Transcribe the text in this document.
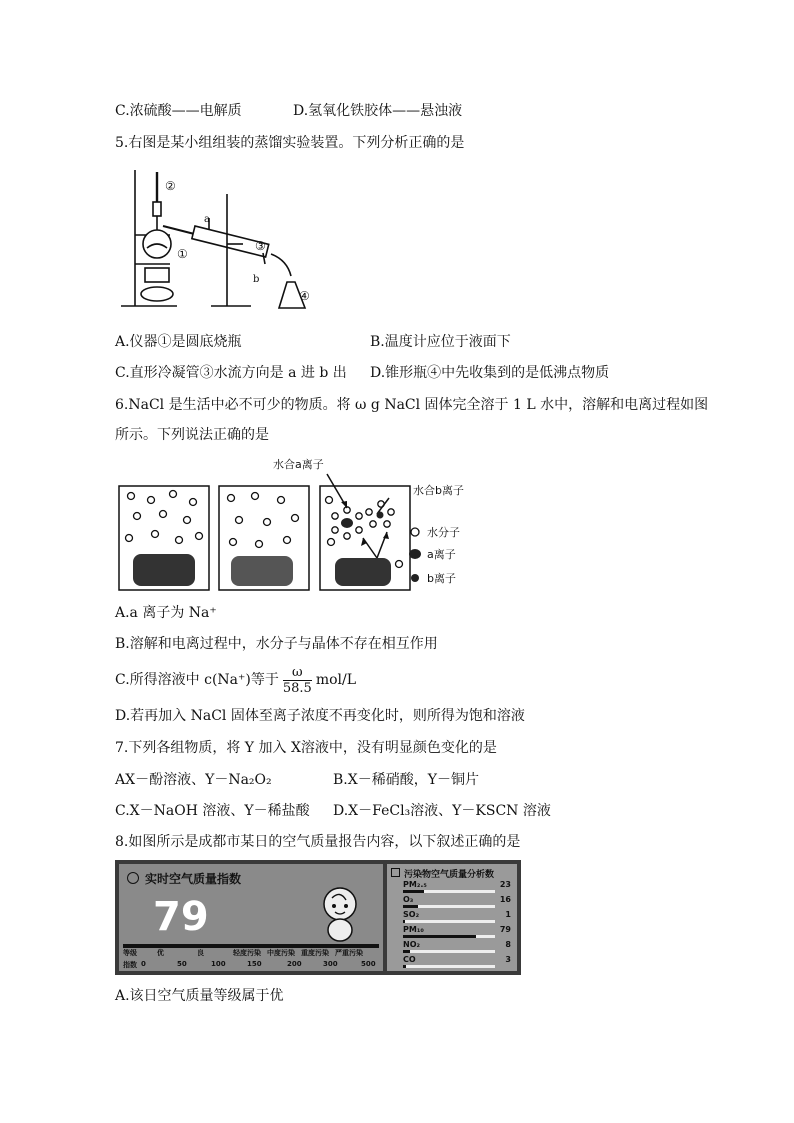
C.浓硫酸——电解质	D.氢氧化铁胶体——悬浊液
5.右图是某小组组装的蒸馏实验装置。下列分析正确的是
②
①
a
③
b
④
A.仪器①是圆底烧瓶	B.温度计应位于液面下
C.直形冷凝管③水流方向是 a 进 b 出 D.锥形瓶④中先收集到的是低沸点物质
6.NaCl 是生活中必不可少的物质。将 ω g NaCl 固体完全溶于 1 L 水中，溶解和电离过程如图
所示。下列说法正确的是
水合a离子
水合b离子
水分子
a离子
b离子
A.a 离子为 Na⁺
B.溶解和电离过程中，水分子与晶体不存在相互作用
C.所得溶液中 c(Na⁺)等于 $\frac{\omega}{58.5} mol/L$
D.若再加入 NaCl 固体至离子浓度不再变化时，则所得为饱和溶液
7.下列各组物质，将 Y 加入 X溶液中，没有明显颜色变化的是
AX－酚溶液、Y－Na₂O₂	B.X－稀硝酸，Y－铜片
C.X－NaOH 溶液、Y－稀盐酸 D.X－FeCl₃溶液、Y－KSCN 溶液
8.如图所示是成都市某日的空气质量报告内容，以下叙述正确的是
实时空气质量指数
79
等级	优	良	轻度污染 中度污染 重度污染 严重污染
指数 0	50	100	150	200	300	500
污染物空气质量分析数
PM₂.₅	23
O₃	16
SO₂	1
PM₁₀	79
NO₂	8
CO	3
A.该日空气质量等级属于优
